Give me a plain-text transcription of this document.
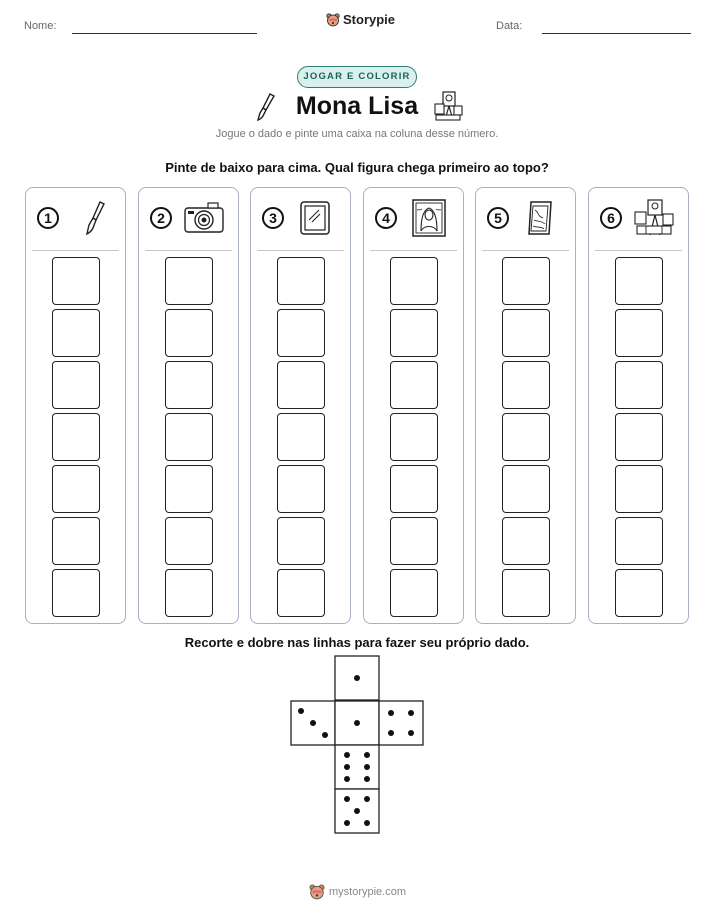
Nome:	Storypie	Data:
JOGAR E COLORIR
Mona Lisa
Jogue o dado e pinte uma caixa na coluna desse número.
Pinte de baixo para cima. Qual figura chega primeiro ao topo?
1	2	3	4	5	6
Recorte e dobre nas linhas para fazer seu próprio dado.
mystorypie.com
